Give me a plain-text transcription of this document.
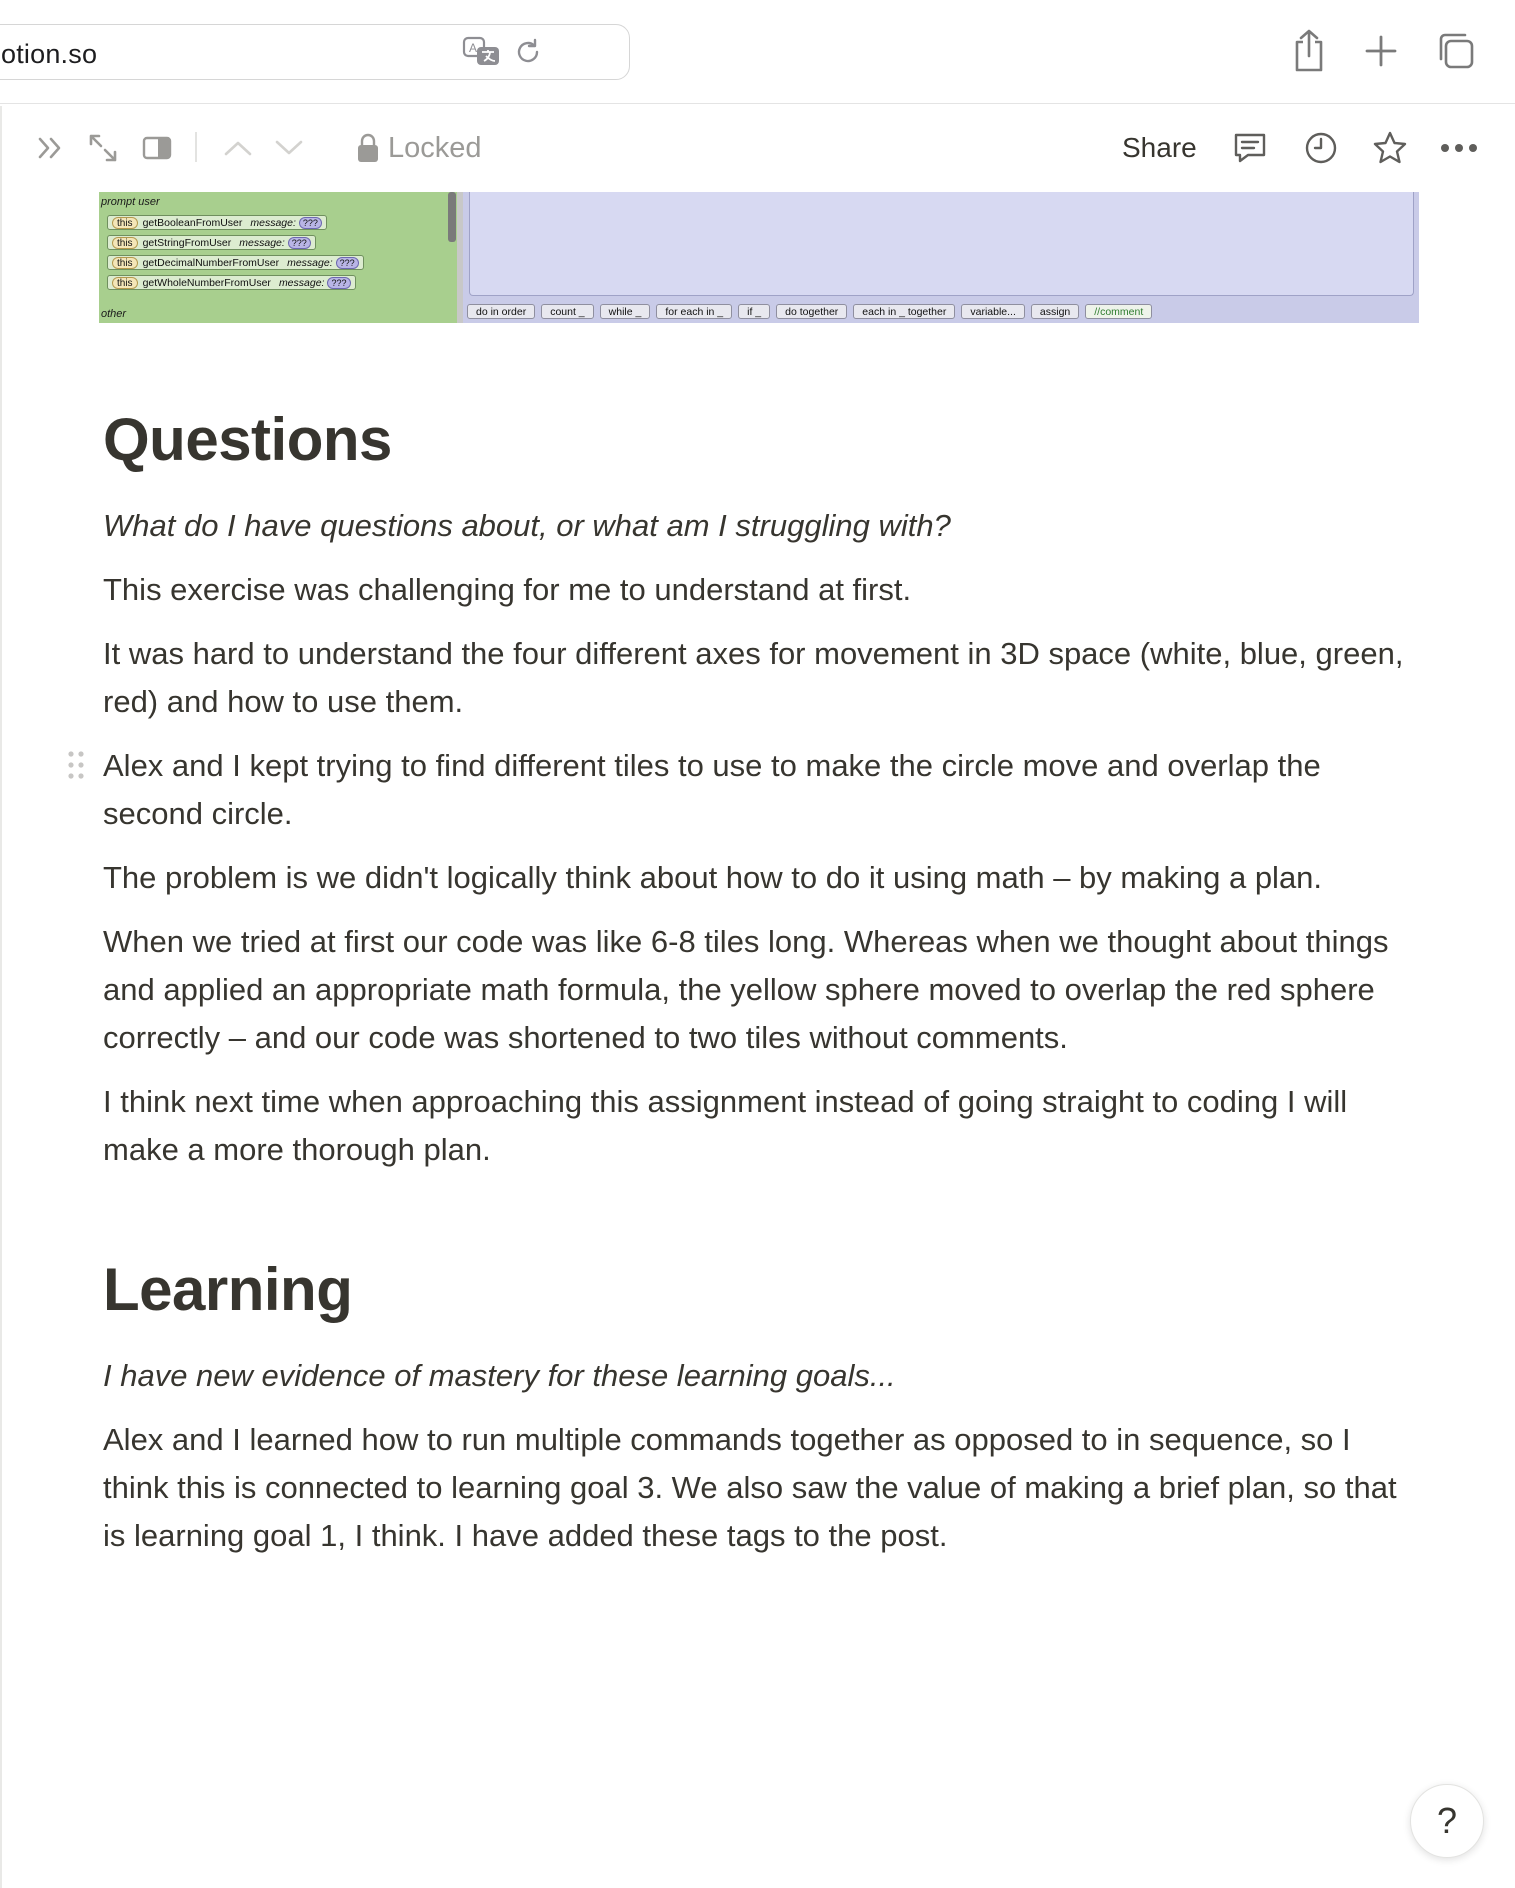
otion.so	A
Locked	Share
prompt user
this getBooleanFromUser message: ???
this getStringFromUser message: ???
this getDecimalNumberFromUser message: ???
this getWholeNumberFromUser message: ???
other	do in order	count _	while _	for each in _	if _	do together	each in _ together	variable...	assign	//comment
Questions

What do I have questions about, or what am I struggling with?

This exercise was challenging for me to understand at first.

It was hard to understand the four different axes for movement in 3D space (white, blue, green, red) and how to use them.

Alex and I kept trying to find different tiles to use to make the circle move and overlap the second circle.

The problem is we didn't logically think about how to do it using math – by making a plan.

When we tried at first our code was like 6-8 tiles long. Whereas when we thought about things and applied an appropriate math formula, the yellow sphere moved to overlap the red sphere correctly – and our code was shortened to two tiles without comments.

I think next time when approaching this assignment instead of going straight to coding I will make a more thorough plan.

Learning

I have new evidence of mastery for these learning goals...

Alex and I learned how to run multiple commands together as opposed to in sequence, so I think this is connected to learning goal 3. We also saw the value of making a brief plan, so that is learning goal 1, I think. I have added these tags to the post.

?
